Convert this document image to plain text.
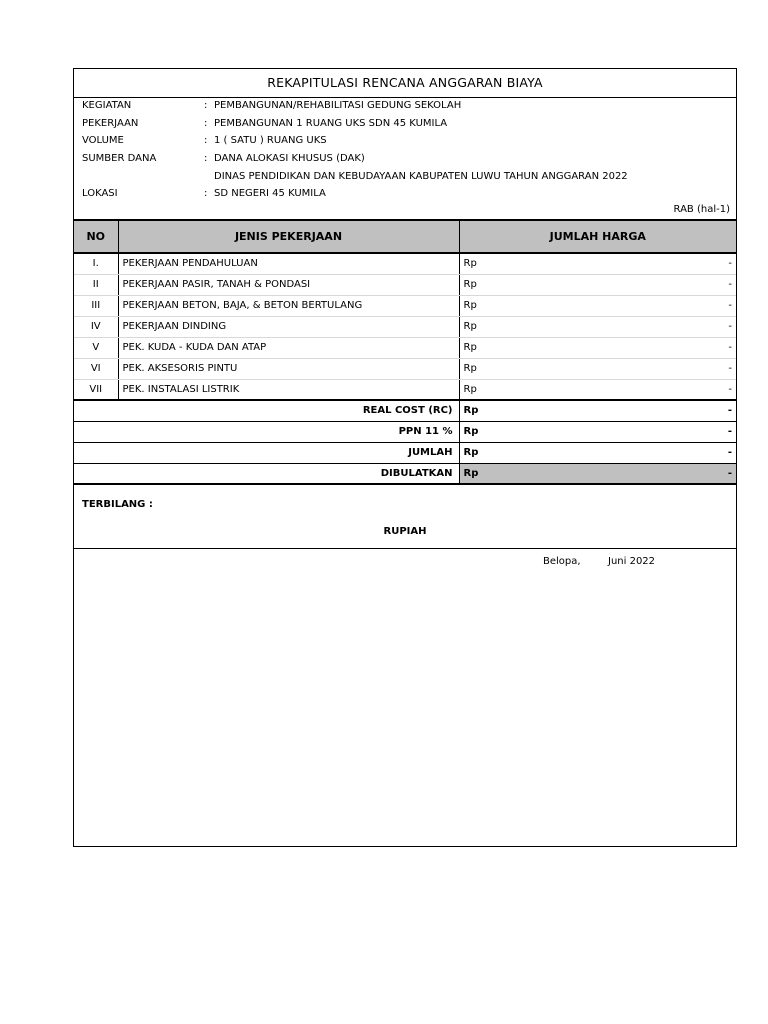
REKAPITULASI RENCANA ANGGARAN BIAYA
KEGIATAN	: PEMBANGUNAN/REHABILITASI GEDUNG SEKOLAH
PEKERJAAN	: PEMBANGUNAN 1 RUANG UKS SDN 45 KUMILA
VOLUME	: 1 ( SATU ) RUANG UKS
SUMBER DANA	: DANA ALOKASI KHUSUS (DAK)
DINAS PENDIDIKAN DAN KEBUDAYAAN KABUPATEN LUWU TAHUN ANGGARAN 2022
LOKASI	: SD NEGERI 45 KUMILA
RAB (hal-1)
NO	JENIS PEKERJAAN	JUMLAH HARGA
I.	PEKERJAAN PENDAHULUAN	Rp -

II	PEKERJAAN PASIR, TANAH & PONDASI	Rp -

III	PEKERJAAN BETON, BAJA, & BETON BERTULANG	Rp -

IV	PEKERJAAN DINDING	Rp -

V	PEK. KUDA - KUDA DAN ATAP	Rp -

VI	PEK. AKSESORIS PINTU	Rp -

VII	PEK. INSTALASI LISTRIK	Rp -

REAL COST (RC)		Rp -

PPN 11 %		Rp -

JUMLAH		Rp -

DIBULATKAN		Rp -
TERBILANG :
RUPIAH
Belopa,	Juni 2022
